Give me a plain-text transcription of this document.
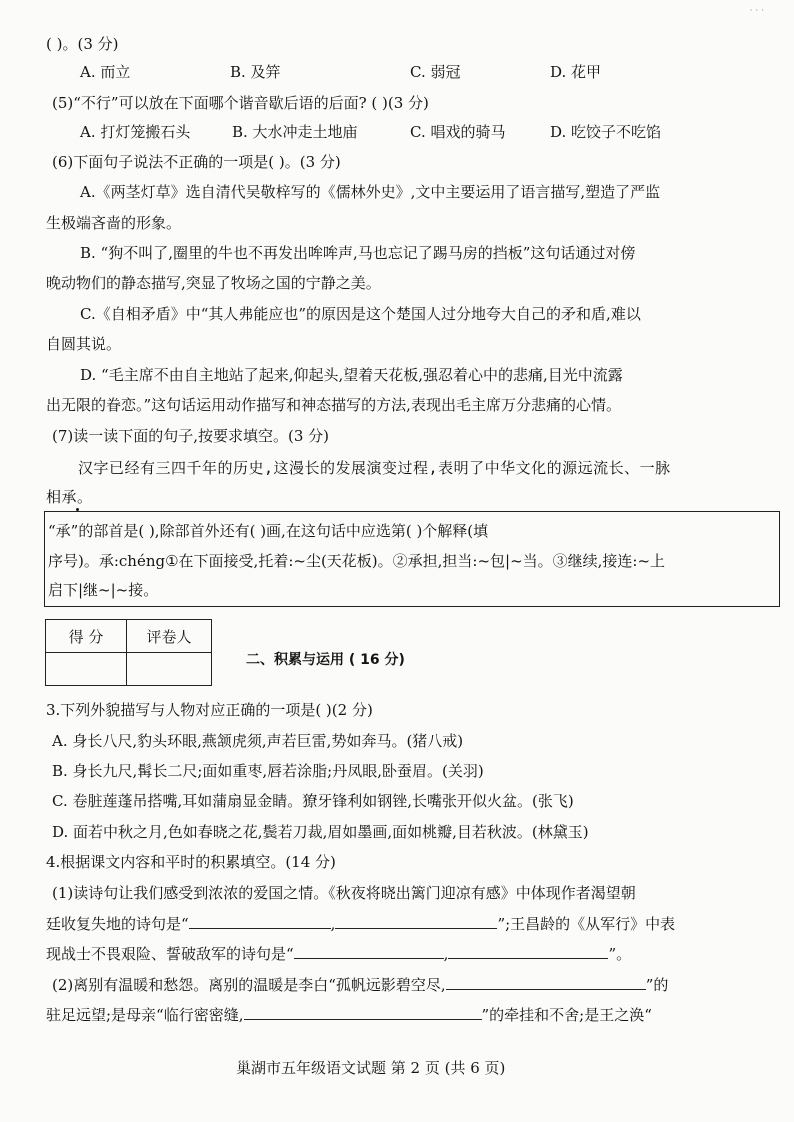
· · ·
( )。(3 分)
A. 而立	B. 及笄	C. 弱冠	D. 花甲
(5)“不行”可以放在下面哪个谐音歇后语的后面? ( )(3 分)
A. 打灯笼搬石头	B. 大水冲走土地庙	C. 唱戏的骑马	D. 吃饺子不吃馅
(6)下面句子说法不正确的一项是( )。(3 分)
A.《两茎灯草》选自清代吴敬梓写的《儒林外史》,文中主要运用了语言描写,塑造了严监
生极端吝啬的形象。
B. “狗不叫了,圈里的牛也不再发出哞哞声,马也忘记了踢马房的挡板”这句话通过对傍
晚动物们的静态描写,突显了牧场之国的宁静之美。
C.《自相矛盾》中“其人弗能应也”的原因是这个楚国人过分地夸大自己的矛和盾,难以
自圆其说。
D. “毛主席不由自主地站了起来,仰起头,望着天花板,强忍着心中的悲痛,目光中流露
出无限的眷恋。”这句话运用动作描写和神态描写的方法,表现出毛主席万分悲痛的心情。
(7)读一读下面的句子,按要求填空。(3 分)
汉字已经有三四千年的历史,这漫长的发展演变过程,表明了中华文化的源远流长、一脉
相承。
“承”的部首是( ),除部首外还有( )画,在这句话中应选第( )个解释(填
序号)。承:chéng①在下面接受,托着:~尘(天花板)。②承担,担当:~包|~当。③继续,接连:~上
启下|继~|~接。
得 分	评卷人

二、积累与运用 ( 16 分)
3.下列外貌描写与人物对应正确的一项是( )(2 分)
A. 身长八尺,豹头环眼,燕颔虎须,声若巨雷,势如奔马。(猪八戒)
B. 身长九尺,髯长二尺;面如重枣,唇若涂脂;丹凤眼,卧蚕眉。(关羽)
C. 卷脏莲蓬吊搭嘴,耳如蒲扇显金睛。獠牙锋利如钢锉,长嘴张开似火盆。(张飞)
D. 面若中秋之月,色如春晓之花,鬓若刀裁,眉如墨画,面如桃瓣,目若秋波。(林黛玉)
4.根据课文内容和平时的积累填空。(14 分)
(1)读诗句让我们感受到浓浓的爱国之情。《秋夜将晓出篱门迎凉有感》中体现作者渴望朝
廷收复失地的诗句是“	,	”;王昌龄的《从军行》中表
现战士不畏艰险、誓破敌军的诗句是“	,	”。
(2)离别有温暖和愁怨。离别的温暖是李白“孤帆远影碧空尽,	”的
驻足远望;是母亲“临行密密缝,	”的牵挂和不舍;是王之涣“
巢湖市五年级语文试题 第 2 页 (共 6 页)
